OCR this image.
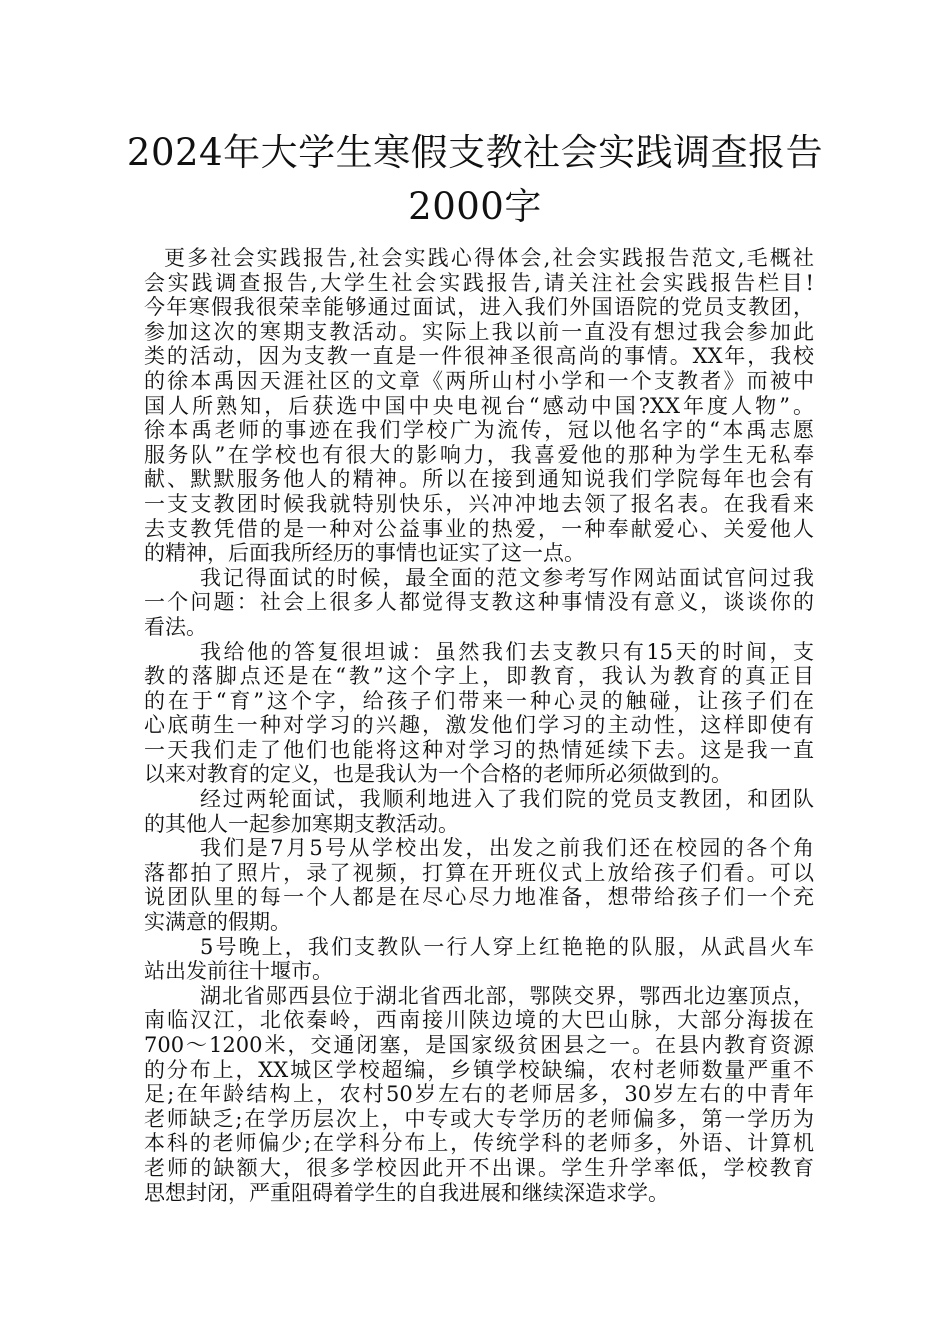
2024年大学生寒假支教社会实践调查报告
2000字
更多社会实践报告,社会实践心得体会,社会实践报告范文,毛概社
会实践调查报告,大学生社会实践报告,请关注社会实践报告栏目!
今年寒假我很荣幸能够通过面试，进入我们外国语院的党员支教团，
参加这次的寒期支教活动。实际上我以前一直没有想过我会参加此
类的活动，因为支教一直是一件很神圣很高尚的事情。XX年，我校
的徐本禹因天涯社区的文章《两所山村小学和一个支教者》而被中
国人所熟知，后获选中国中央电视台“感动中国?XX年度人物”。
徐本禹老师的事迹在我们学校广为流传，冠以他名字的“本禹志愿
服务队”在学校也有很大的影响力，我喜爱他的那种为学生无私奉
献、默默服务他人的精神。所以在接到通知说我们学院每年也会有
一支支教团时候我就特别快乐，兴冲冲地去领了报名表。在我看来
去支教凭借的是一种对公益事业的热爱，一种奉献爱心、关爱他人
的精神，后面我所经历的事情也证实了这一点。
我记得面试的时候，最全面的范文参考写作网站面试官问过我
一个问题：社会上很多人都觉得支教这种事情没有意义，谈谈你的
看法。
我给他的答复很坦诚：虽然我们去支教只有15天的时间，支
教的落脚点还是在“教”这个字上，即教育，我认为教育的真正目
的在于“育”这个字，给孩子们带来一种心灵的触碰，让孩子们在
心底萌生一种对学习的兴趣，激发他们学习的主动性，这样即使有
一天我们走了他们也能将这种对学习的热情延续下去。这是我一直
以来对教育的定义，也是我认为一个合格的老师所必须做到的。
经过两轮面试，我顺利地进入了我们院的党员支教团，和团队
的其他人一起参加寒期支教活动。
我们是7月5号从学校出发，出发之前我们还在校园的各个角
落都拍了照片，录了视频，打算在开班仪式上放给孩子们看。可以
说团队里的每一个人都是在尽心尽力地准备，想带给孩子们一个充
实满意的假期。
5号晚上，我们支教队一行人穿上红艳艳的队服，从武昌火车
站出发前往十堰市。
湖北省郧西县位于湖北省西北部，鄂陕交界，鄂西北边塞顶点，
南临汉江，北依秦岭，西南接川陕边境的大巴山脉，大部分海拔在
700～1200米，交通闭塞，是国家级贫困县之一。在县内教育资源
的分布上，XX城区学校超编，乡镇学校缺编，农村老师数量严重不
足;在年龄结构上，农村50岁左右的老师居多，30岁左右的中青年
老师缺乏;在学历层次上，中专或大专学历的老师偏多，第一学历为
本科的老师偏少;在学科分布上，传统学科的老师多，外语、计算机
老师的缺额大，很多学校因此开不出课。学生升学率低，学校教育
思想封闭，严重阻碍着学生的自我进展和继续深造求学。
